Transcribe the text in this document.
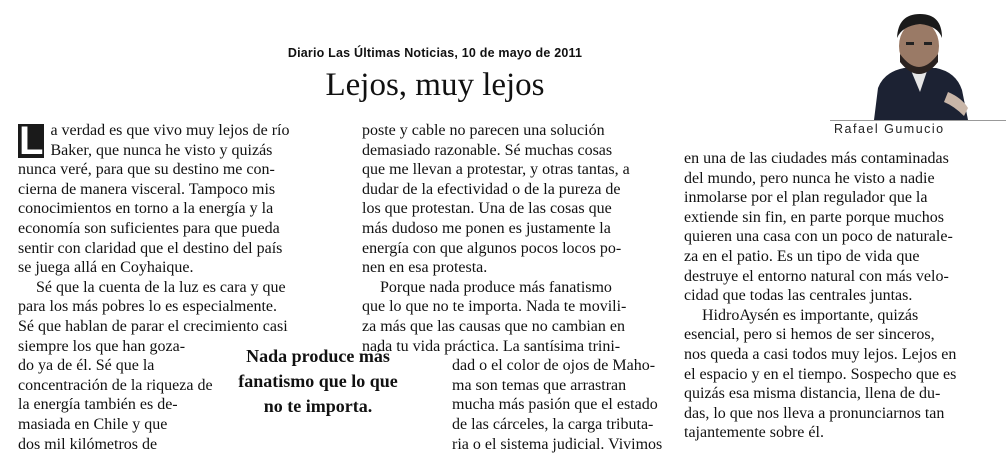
Diario Las Últimas Noticias, 10 de mayo de 2011
Lejos, muy lejos
Rafael Gumucio
L a verdad es que vivo muy lejos de río
Baker, que nunca he visto y quizás
nunca veré, para que su destino me con-
cierna de manera visceral. Tampoco mis
conocimientos en torno a la energía y la
economía son suficientes para que pueda
sentir con claridad que el destino del país
se juega allá en Coyhaique.
Sé que la cuenta de la luz es cara y que
para los más pobres lo es especialmente.
Sé que hablan de parar el crecimiento casi
siempre los que han goza-
do ya de él. Sé que la
concentración de la riqueza de
la energía también es de-
masiada en Chile y que
dos mil kilómetros de
poste y cable no parecen una solución
demasiado razonable. Sé muchas cosas
que me llevan a protestar, y otras tantas, a
dudar de la efectividad o de la pureza de
los que protestan. Una de las cosas que
más dudoso me ponen es justamente la
energía con que algunos pocos locos po-
nen en esa protesta.
Porque nada produce más fanatismo
que lo que no te importa. Nada te movili-
za más que las causas que no cambian en
nada tu vida práctica. La santísima trini-
dad o el color de ojos de Maho-
ma son temas que arrastran
mucha más pasión que el estado
de las cárceles, la carga tributa-
ria o el sistema judicial. Vivimos
en una de las ciudades más contaminadas
del mundo, pero nunca he visto a nadie
inmolarse por el plan regulador que la
extiende sin fin, en parte porque muchos
quieren una casa con un poco de naturale-
za en el patio. Es un tipo de vida que
destruye el entorno natural con más velo-
cidad que todas las centrales juntas.
HidroAysén es importante, quizás
esencial, pero si hemos de ser sinceros,
nos queda a casi todos muy lejos. Lejos en
el espacio y en el tiempo. Sospecho que es
quizás esa misma distancia, llena de du-
das, lo que nos lleva a pronunciarnos tan
tajantemente sobre él.
Nada produce más
fanatismo que lo que
no te importa.
